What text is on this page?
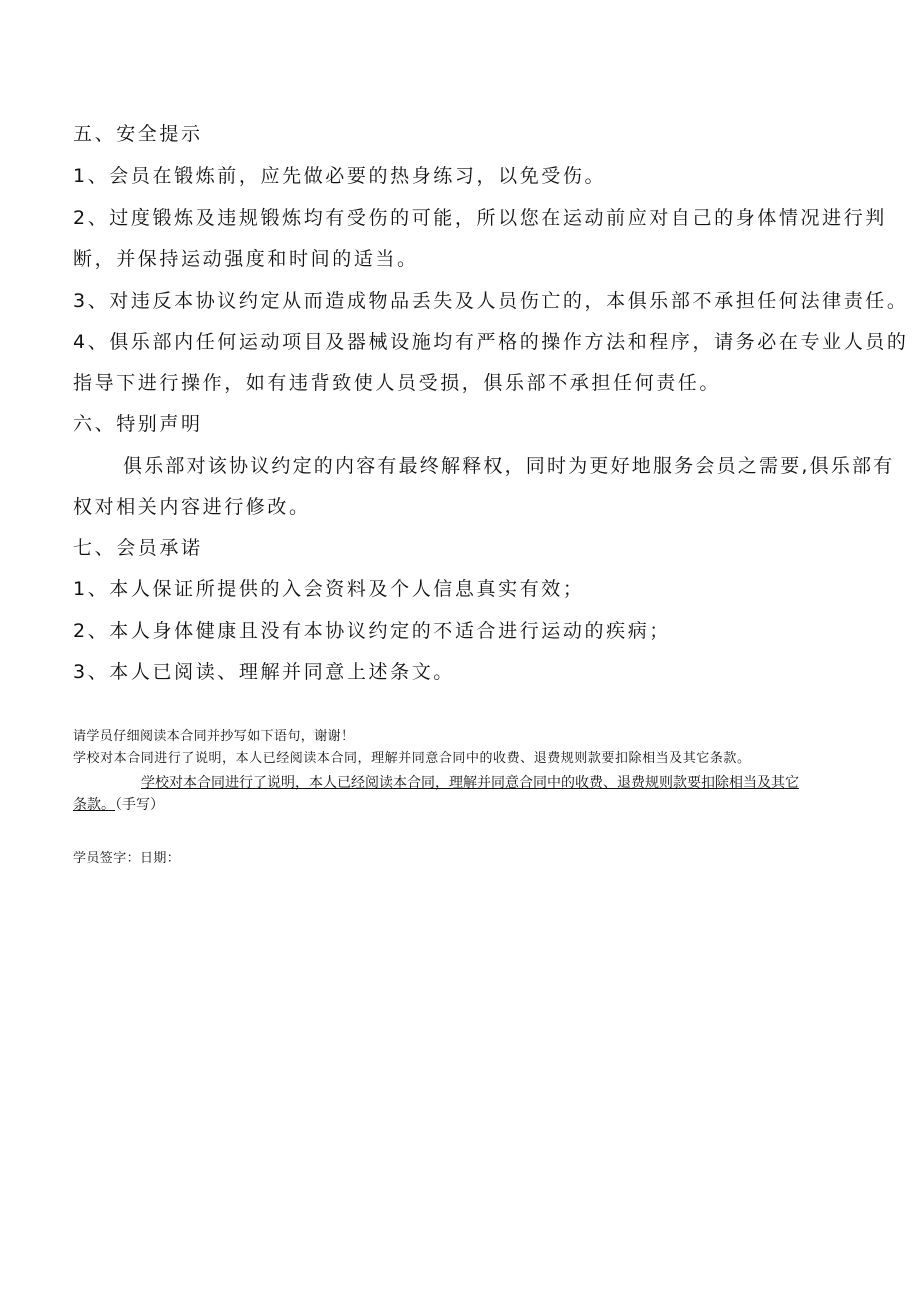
五、安全提示
1、会员在锻炼前，应先做必要的热身练习，以免受伤。
2、过度锻炼及违规锻炼均有受伤的可能，所以您在运动前应对自己的身体情况进行判
断，并保持运动强度和时间的适当。
3、对违反本协议约定从而造成物品丢失及人员伤亡的，本俱乐部不承担任何法律责任。
4、俱乐部内任何运动项目及器械设施均有严格的操作方法和程序，请务必在专业人员的
指导下进行操作，如有违背致使人员受损，俱乐部不承担任何责任。
六、特别声明
俱乐部对该协议约定的内容有最终解释权，同时为更好地服务会员之需要,俱乐部有
权对相关内容进行修改。
七、会员承诺
1、本人保证所提供的入会资料及个人信息真实有效；
2、本人身体健康且没有本协议约定的不适合进行运动的疾病；
3、本人已阅读、理解并同意上述条文。
请学员仔细阅读本合同并抄写如下语句，谢谢！
学校对本合同进行了说明，本人已经阅读本合同，理解并同意合同中的收费、退费规则款要扣除相当及其它条款。
学校对本合同进行了说明，本人已经阅读本合同，理解并同意合同中的收费、退费规则款要扣除相当及其它
条款。（手写）
学员签字：日期：
